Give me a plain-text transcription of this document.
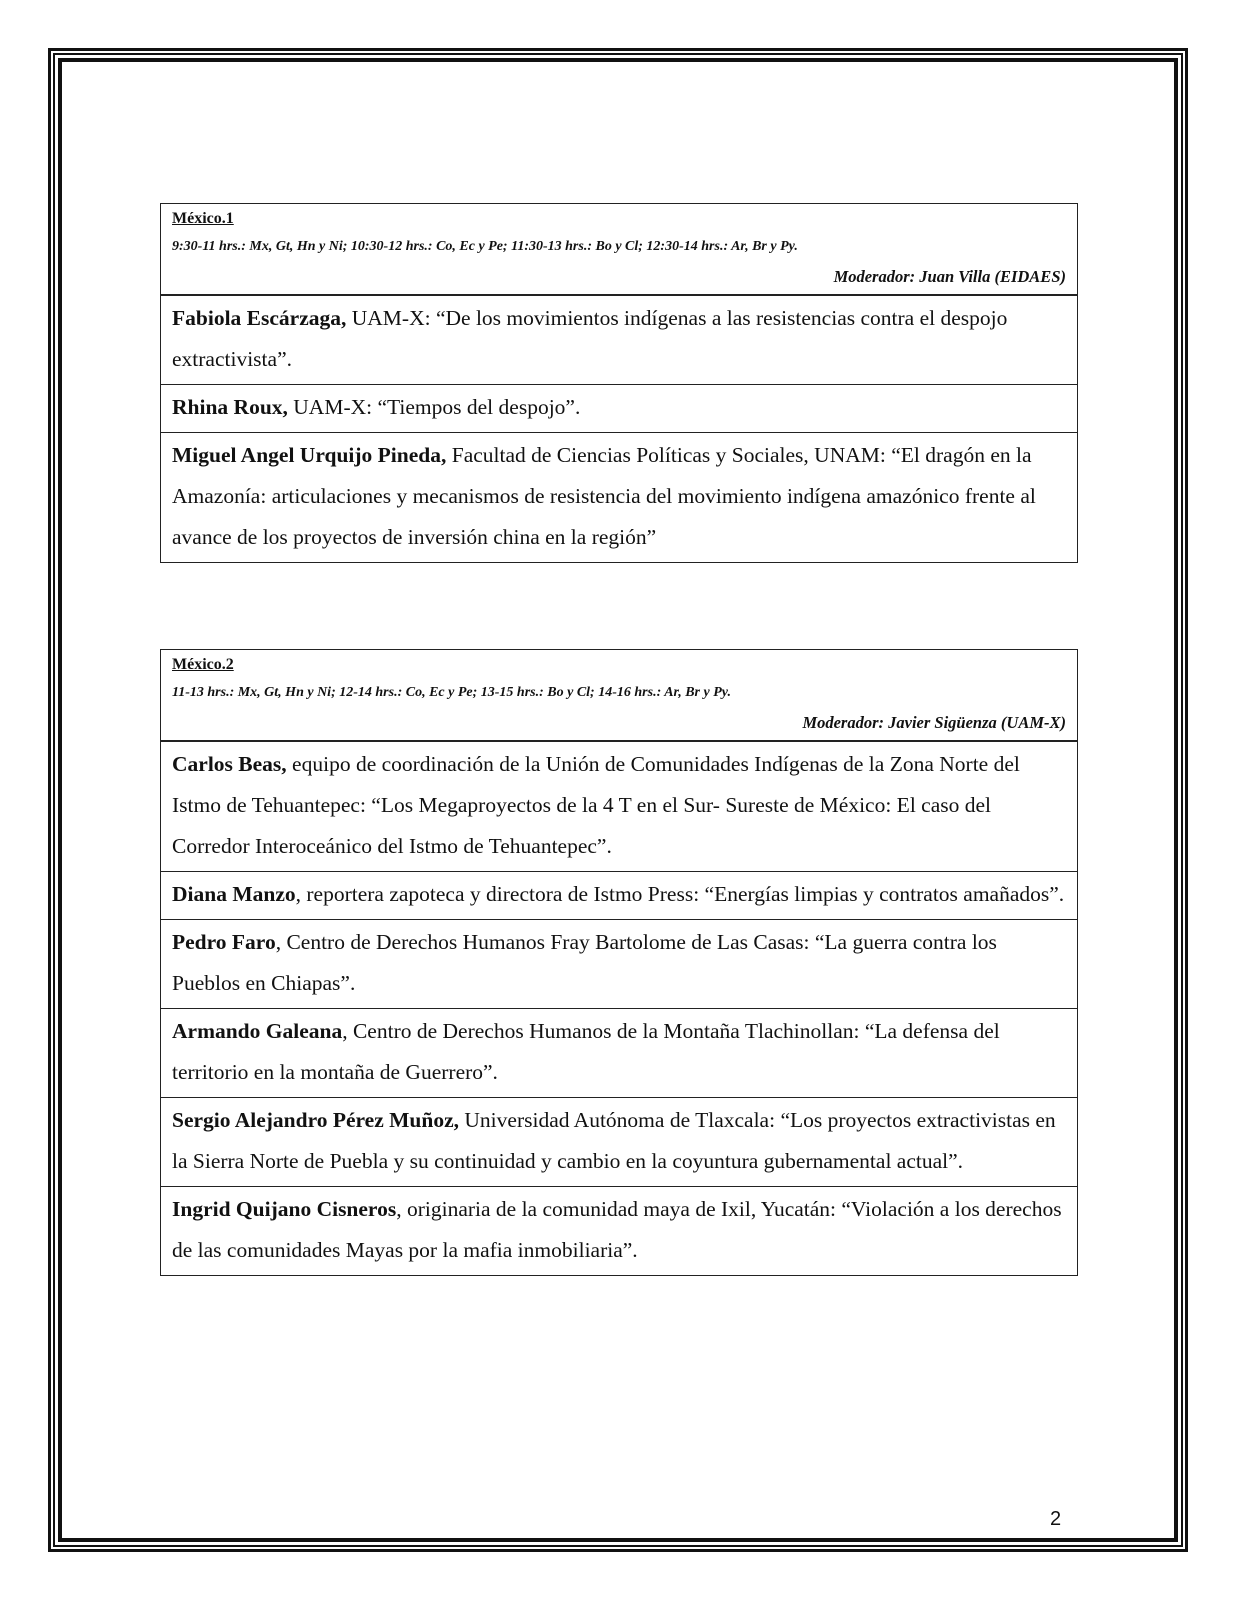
México.1
9:30-11 hrs.: Mx, Gt, Hn y Ni; 10:30-12 hrs.: Co, Ec y Pe; 11:30-13 hrs.: Bo y Cl; 12:30-14 hrs.: Ar, Br y Py.
Moderador: Juan Villa (EIDAES)
Fabiola Escárzaga, UAM-X: “De los movimientos indígenas a las resistencias contra el despojo extractivista”.
Rhina Roux, UAM-X: “Tiempos del despojo”.
Miguel Angel Urquijo Pineda, Facultad de Ciencias Políticas y Sociales, UNAM: “El dragón en la Amazonía: articulaciones y mecanismos de resistencia del movimiento indígena amazónico frente al avance de los proyectos de inversión china en la región”
México.2
11-13 hrs.: Mx, Gt, Hn y Ni; 12-14 hrs.: Co, Ec y Pe; 13-15 hrs.: Bo y Cl; 14-16 hrs.: Ar, Br y Py.
Moderador: Javier Sigüenza (UAM-X)
Carlos Beas, equipo de coordinación de la Unión de Comunidades Indígenas de la Zona Norte del Istmo de Tehuantepec: “Los Megaproyectos de la 4 T en el Sur- Sureste de México: El caso del Corredor Interoceánico del Istmo de Tehuantepec”.
Diana Manzo, reportera zapoteca y directora de Istmo Press: “Energías limpias y contratos amañados”.
Pedro Faro, Centro de Derechos Humanos Fray Bartolome de Las Casas: “La guerra contra los Pueblos en Chiapas”.
Armando Galeana, Centro de Derechos Humanos de la Montaña Tlachinollan: “La defensa del territorio en la montaña de Guerrero”.
Sergio Alejandro Pérez Muñoz, Universidad Autónoma de Tlaxcala: “Los proyectos extractivistas en la Sierra Norte de Puebla y su continuidad y cambio en la coyuntura gubernamental actual”.
Ingrid Quijano Cisneros, originaria de la comunidad maya de Ixil, Yucatán: “Violación a los derechos de las comunidades Mayas por la mafia inmobiliaria”.
2
